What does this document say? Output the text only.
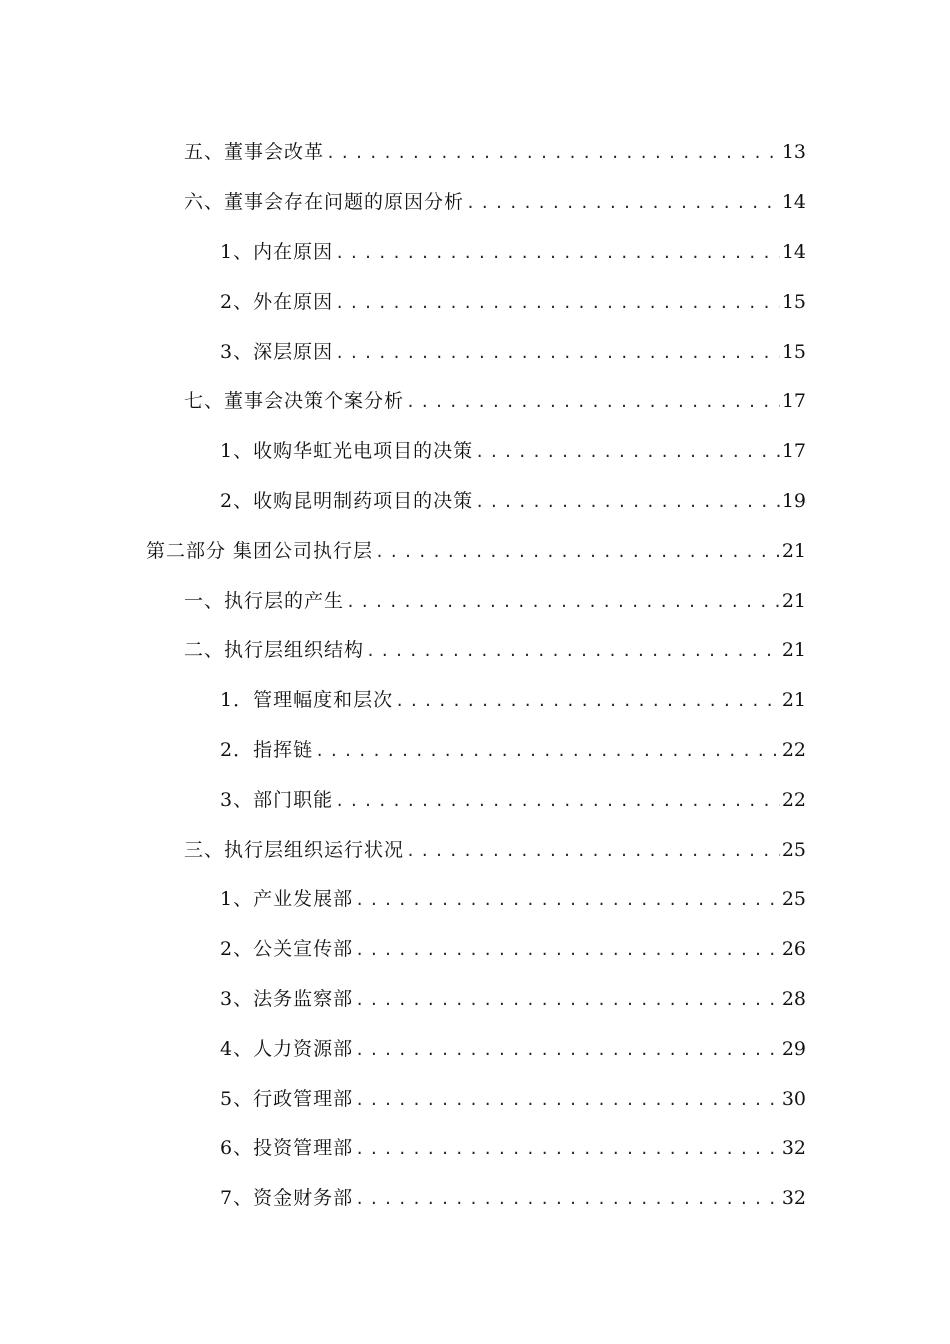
五、董事会改革 .....	13
六、董事会存在问题的原因分析 .....	14
1、内在原因 .....	14
2、外在原因 .....	15
3、深层原因 .....	15
七、董事会决策个案分析 .....	17
1、收购华虹光电项目的决策 .....	17
2、收购昆明制药项目的决策 .....	19
第二部分 集团公司执行层 .....	21
一、执行层的产生 .....	21
二、执行层组织结构 .....	21
1．管理幅度和层次 .....	21
2．指挥链 .....	22
3、部门职能 .....	22
三、执行层组织运行状况 .....	25
1、产业发展部 .....	25
2、公关宣传部 .....	26
3、法务监察部 .....	28
4、人力资源部 .....	29
5、行政管理部 .....	30
6、投资管理部 .....	32
7、资金财务部 .....	32
